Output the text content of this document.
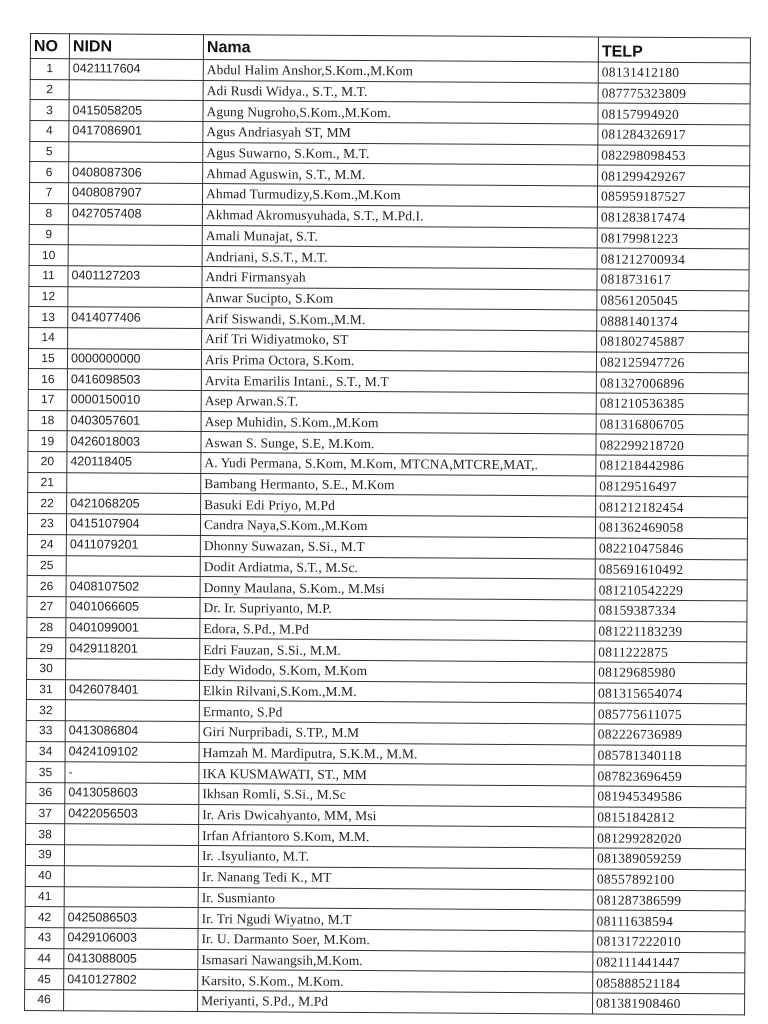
NO	NIDN	Nama	TELP
1	0421117604	Abdul Halim Anshor,S.Kom.,M.Kom	08131412180
2		Adi Rusdi Widya., S.T., M.T.	087775323809
3	0415058205	Agung Nugroho,S.Kom.,M.Kom.	08157994920
4	0417086901	Agus Andriasyah ST, MM	081284326917
5		Agus Suwarno, S.Kom., M.T.	082298098453
6	0408087306	Ahmad Aguswin, S.T., M.M.	081299429267
7	0408087907	Ahmad Turmudizy,S.Kom.,M.Kom	085959187527
8	0427057408	Akhmad Akromusyuhada, S.T., M.Pd.I.	081283817474
9		Amali Munajat, S.T.	08179981223
10		Andriani, S.S.T., M.T.	081212700934
11	0401127203	Andri Firmansyah	0818731617
12		Anwar Sucipto, S.Kom	08561205045
13	0414077406	Arif Siswandi, S.Kom.,M.M.	08881401374
14		Arif Tri Widiyatmoko, ST	081802745887
15	0000000000	Aris Prima Octora, S.Kom.	082125947726
16	0416098503	Arvita Emarilis Intani., S.T., M.T	081327006896
17	0000150010	Asep Arwan.S.T.	081210536385
18	0403057601	Asep Muhidin, S.Kom.,M.Kom	081316806705
19	0426018003	Aswan S. Sunge, S.E, M.Kom.	082299218720
20	420118405	A. Yudi Permana, S.Kom, M.Kom, MTCNA,MTCRE,MAT,.	081218442986
21		Bambang Hermanto, S.E., M.Kom	08129516497
22	0421068205	Basuki Edi Priyo, M.Pd	081212182454
23	0415107904	Candra Naya,S.Kom.,M.Kom	081362469058
24	0411079201	Dhonny Suwazan, S.Si., M.T	082210475846
25		Dodit Ardiatma, S.T., M.Sc.	085691610492
26	0408107502	Donny Maulana, S.Kom., M.Msi	081210542229
27	0401066605	Dr. Ir. Supriyanto, M.P.	08159387334
28	0401099001	Edora, S.Pd., M.Pd	081221183239
29	0429118201	Edri Fauzan, S.Si., M.M.	0811222875
30		Edy Widodo, S.Kom, M.Kom	08129685980
31	0426078401	Elkin Rilvani,S.Kom.,M.M.	081315654074
32		Ermanto, S.Pd	085775611075
33	0413086804	Giri Nurpribadi, S.TP., M.M	082226736989
34	0424109102	Hamzah M. Mardiputra, S.K.M., M.M.	085781340118
35	-	IKA KUSMAWATI, ST., MM	087823696459
36	0413058603	Ikhsan Romli, S.Si., M.Sc	081945349586
37	0422056503	Ir. Aris Dwicahyanto, MM, Msi	08151842812
38		Irfan Afriantoro S.Kom, M.M.	081299282020
39		Ir. .Isyulianto, M.T.	081389059259
40		Ir. Nanang Tedi K., MT	08557892100
41		Ir. Susmianto	081287386599
42	0425086503	Ir. Tri Ngudi Wiyatno, M.T	08111638594
43	0429106003	Ir. U. Darmanto Soer, M.Kom.	081317222010
44	0413088005	Ismasari Nawangsih,M.Kom.	082111441447
45	0410127802	Karsito, S.Kom., M.Kom.	085888521184
46		Meriyanti, S.Pd., M.Pd	081381908460
